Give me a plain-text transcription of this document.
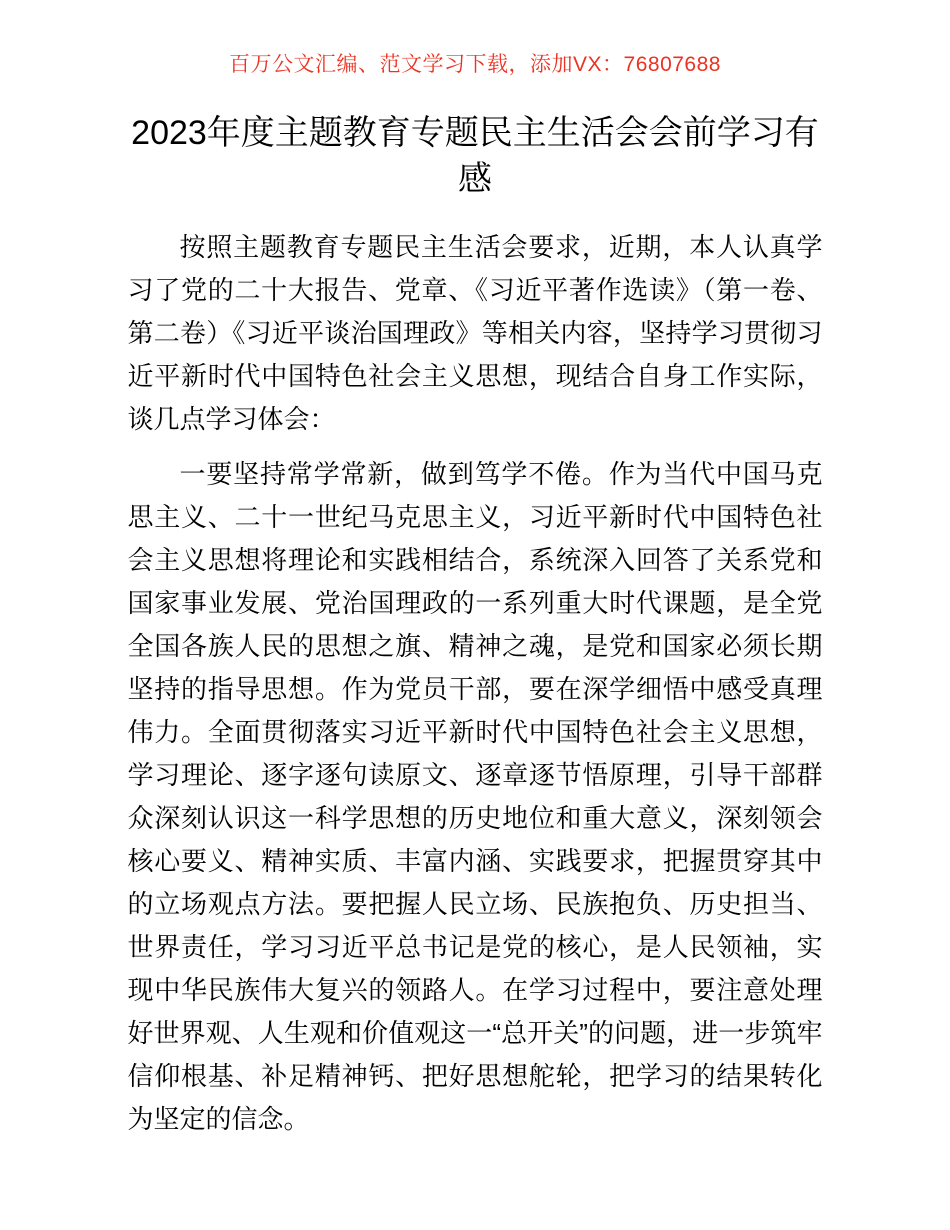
百万公文汇编、范文学习下载，添加VX：76807688
2023年度主题教育专题民主生活会会前学习有感

按照主题教育专题民主生活会要求，近期，本人认真学习了党的二十大报告、党章、《习近平著作选读》（第一卷、第二卷）《习近平谈治国理政》等相关内容，坚持学习贯彻习近平新时代中国特色社会主义思想，现结合自身工作实际，谈几点学习体会：

一要坚持常学常新，做到笃学不倦。作为当代中国马克思主义、二十一世纪马克思主义，习近平新时代中国特色社会主义思想将理论和实践相结合，系统深入回答了关系党和国家事业发展、党治国理政的一系列重大时代课题，是全党全国各族人民的思想之旗、精神之魂，是党和国家必须长期坚持的指导思想。作为党员干部，要在深学细悟中感受真理伟力。全面贯彻落实习近平新时代中国特色社会主义思想，学习理论、逐字逐句读原文、逐章逐节悟原理，引导干部群众深刻认识这一科学思想的历史地位和重大意义，深刻领会核心要义、精神实质、丰富内涵、实践要求，把握贯穿其中的立场观点方法。要把握人民立场、民族抱负、历史担当、世界责任，学习习近平总书记是党的核心，是人民领袖，实现中华民族伟大复兴的领路人。在学习过程中，要注意处理好世界观、人生观和价值观这一“总开关”的问题，进一步筑牢信仰根基、补足精神钙、把好思想舵轮，把学习的结果转化为坚定的信念。
